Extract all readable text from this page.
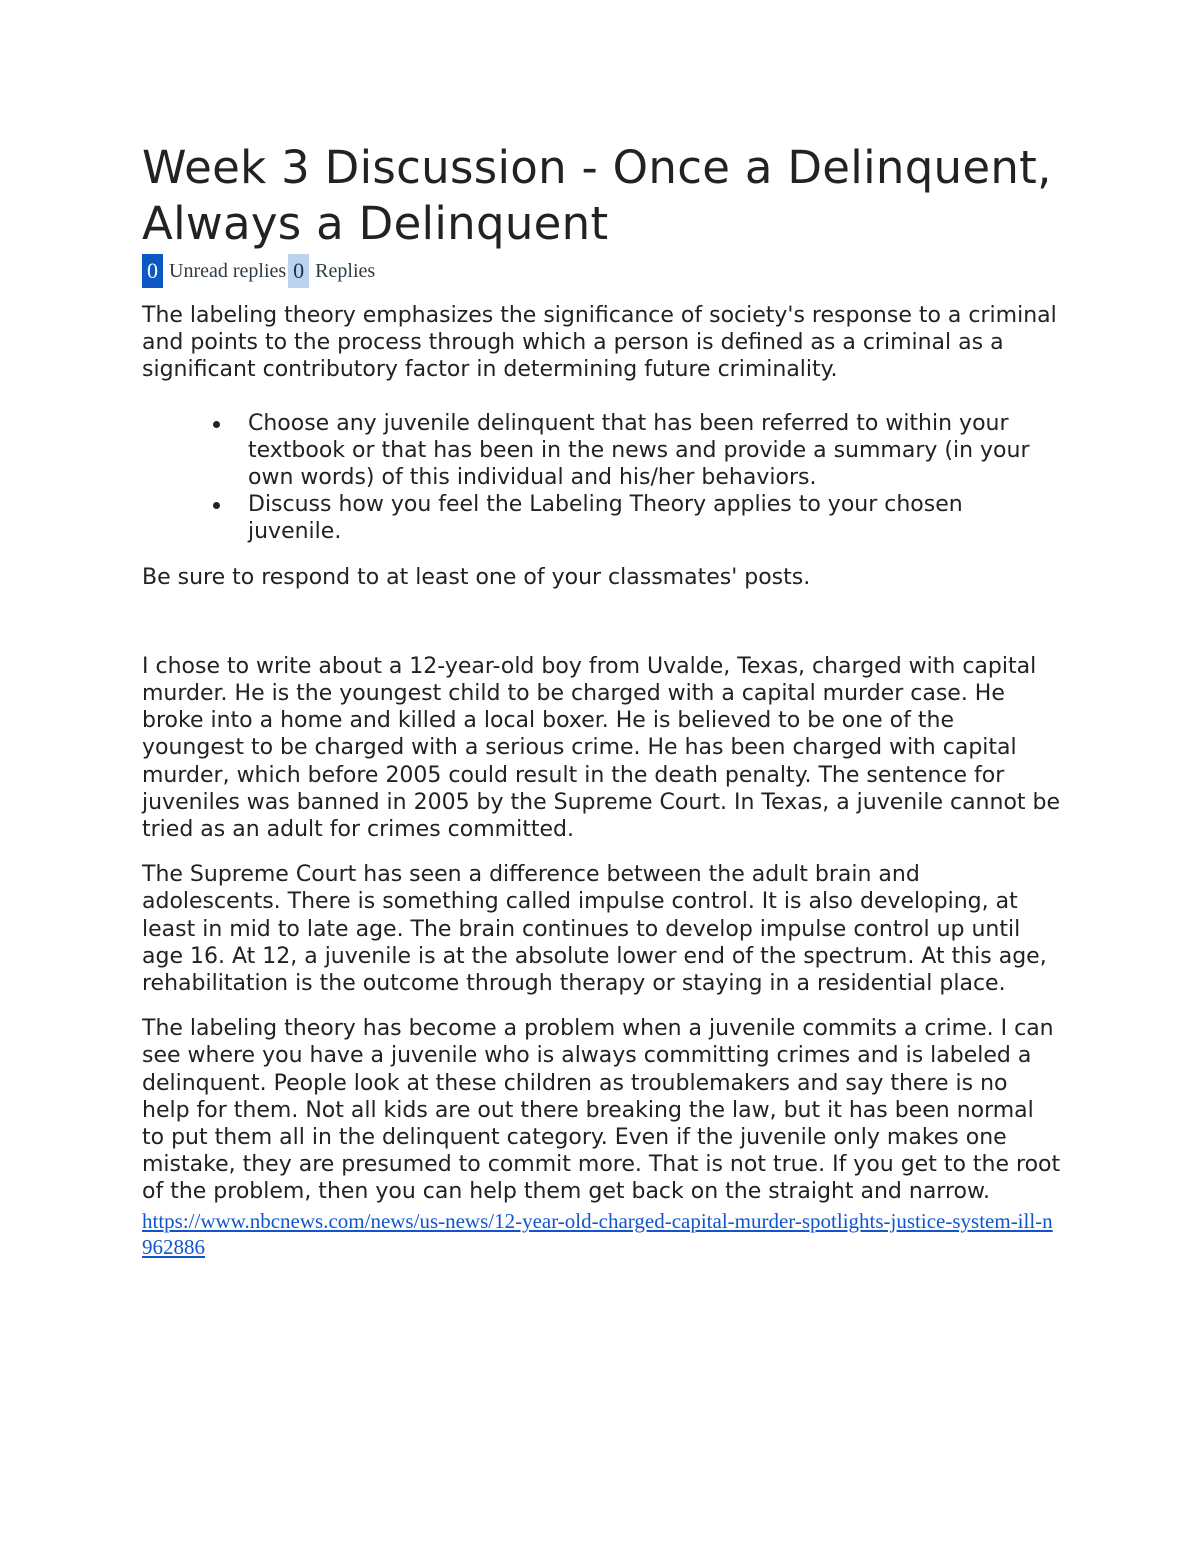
Week 3 Discussion - Once a Delinquent, Always a Delinquent
0 Unread replies 0 Replies

The labeling theory emphasizes the significance of society's response to a criminal and points to the process through which a person is defined as a criminal as a significant contributory factor in determining future criminality.

Choose any juvenile delinquent that has been referred to within your textbook or that has been in the news and provide a summary (in your own words) of this individual and his/her behaviors.
Discuss how you feel the Labeling Theory applies to your chosen juvenile.

Be sure to respond to at least one of your classmates' posts.

I chose to write about a 12-year-old boy from Uvalde, Texas, charged with capital murder. He is the youngest child to be charged with a capital murder case. He broke into a home and killed a local boxer. He is believed to be one of the youngest to be charged with a serious crime. He has been charged with capital murder, which before 2005 could result in the death penalty. The sentence for juveniles was banned in 2005 by the Supreme Court. In Texas, a juvenile cannot be tried as an adult for crimes committed.

The Supreme Court has seen a difference between the adult brain and adolescents. There is something called impulse control. It is also developing, at least in mid to late age. The brain continues to develop impulse control up until age 16. At 12, a juvenile is at the absolute lower end of the spectrum. At this age, rehabilitation is the outcome through therapy or staying in a residential place.

The labeling theory has become a problem when a juvenile commits a crime. I can see where you have a juvenile who is always committing crimes and is labeled a delinquent. People look at these children as troublemakers and say there is no help for them. Not all kids are out there breaking the law, but it has been normal to put them all in the delinquent category. Even if the juvenile only makes one mistake, they are presumed to commit more. That is not true. If you get to the root of the problem, then you can help them get back on the straight and narrow.

https://www.nbcnews.com/news/us-news/12-year-old-charged-capital-murder-spotlights-justice-system-ill-n962886
